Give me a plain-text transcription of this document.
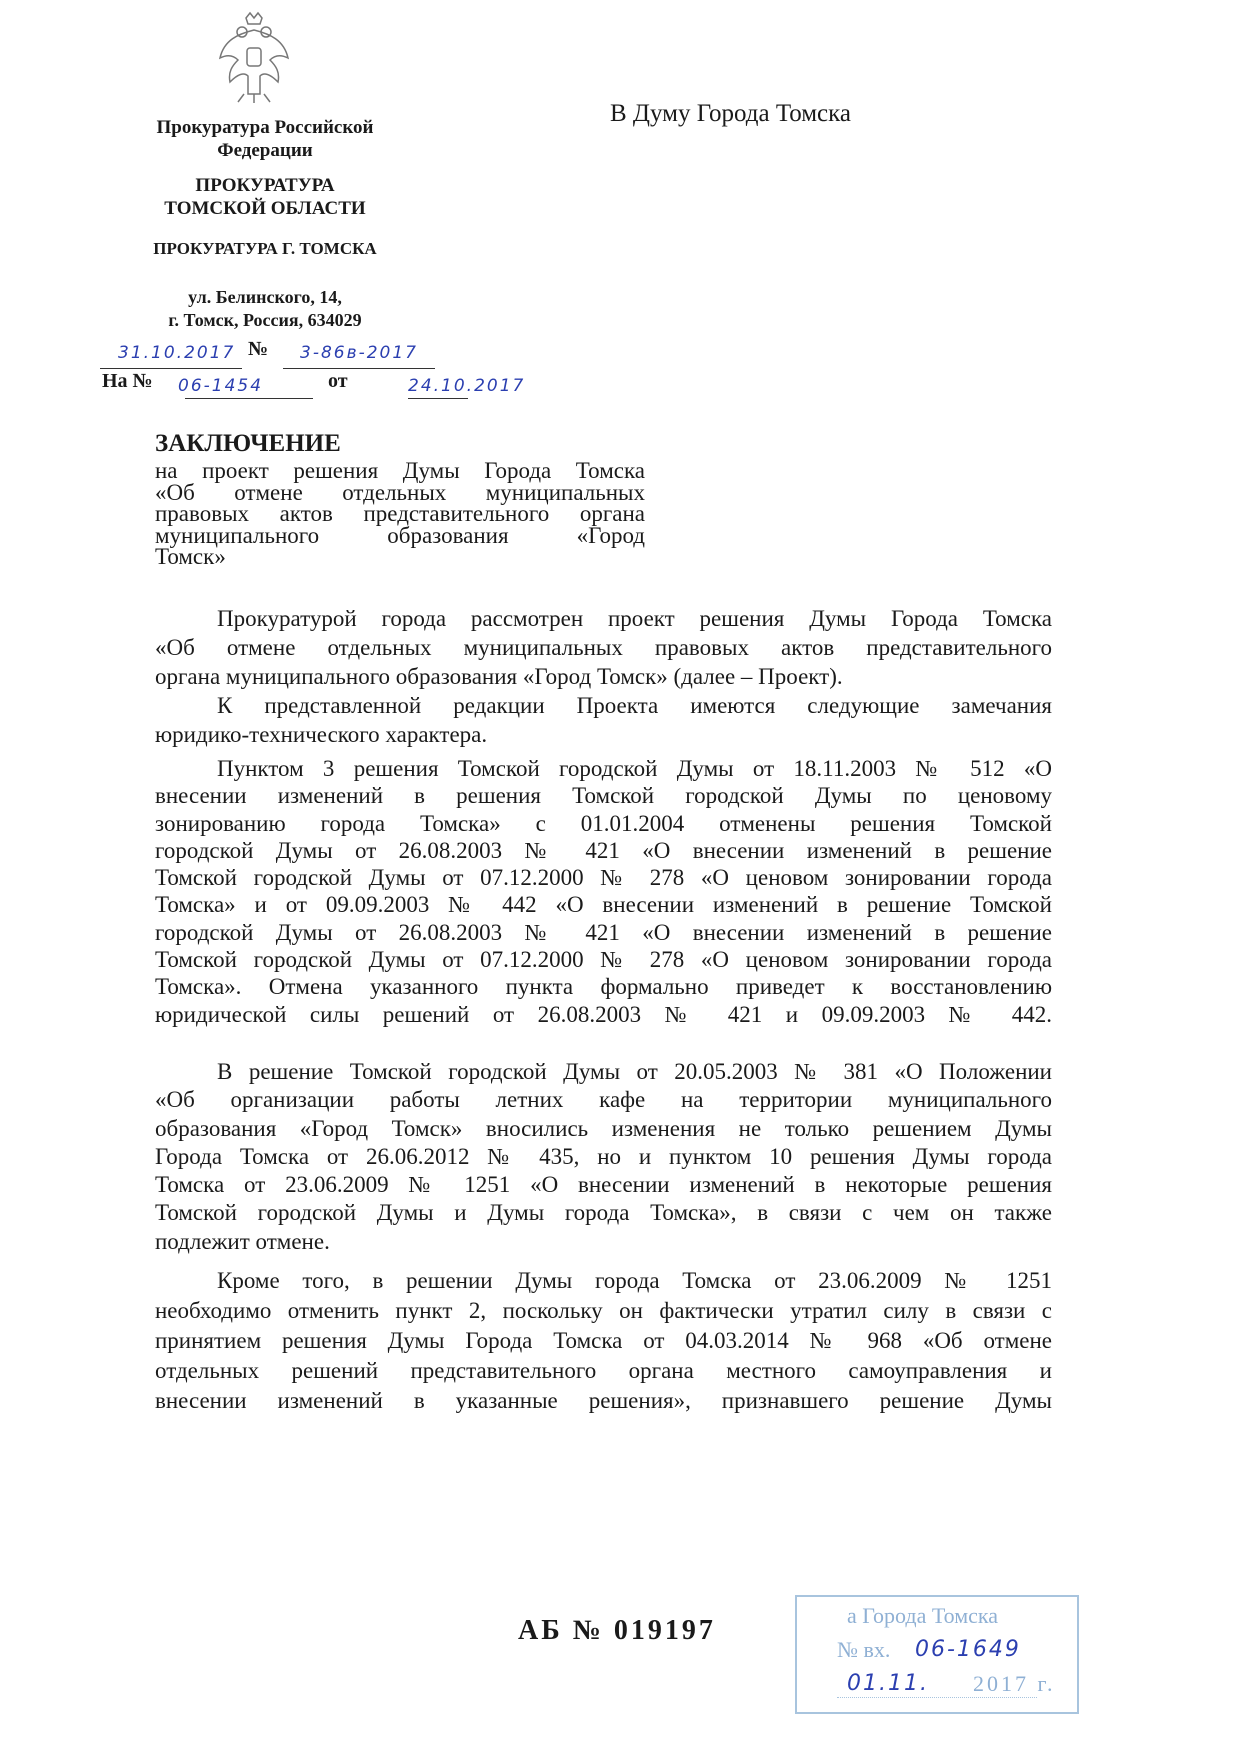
Прокуратура Российской
Федерации
ПРОКУРАТУРА
ТОМСКОЙ ОБЛАСТИ
ПРОКУРАТУРА Г. ТОМСКА
ул. Белинского, 14,
г. Томск, Россия, 634029
В Думу Города Томска
31.10.2017 № 3-86в-2017
На № 06-1454	от	24.10.2017
ЗАКЛЮЧЕНИЕ
на проект решения Думы Города Томска
«Об отмене отдельных муниципальных
правовых актов представительного органа
муниципального образования «Город
Томск»
Прокуратурой города рассмотрен проект решения Думы Города Томска
«Об отмене отдельных муниципальных правовых актов представительного
органа муниципального образования «Город Томск» (далее – Проект).
К представленной редакции Проекта имеются следующие замечания
юридико-технического характера.
Пунктом 3 решения Томской городской Думы от 18.11.2003 № 512 «О
внесении изменений в решения Томской городской Думы по ценовому
зонированию города Томска» с 01.01.2004 отменены решения Томской
городской Думы от 26.08.2003 № 421 «О внесении изменений в решение
Томской городской Думы от 07.12.2000 № 278 «О ценовом зонировании города
Томска» и от 09.09.2003 № 442 «О внесении изменений в решение Томской
городской Думы от 26.08.2003 № 421 «О внесении изменений в решение
Томской городской Думы от 07.12.2000 № 278 «О ценовом зонировании города
Томска». Отмена указанного пункта формально приведет к восстановлению
юридической силы решений от 26.08.2003 № 421 и 09.09.2003 № 442.
В решение Томской городской Думы от 20.05.2003 № 381 «О Положении
«Об организации работы летних кафе на территории муниципального
образования «Город Томск» вносились изменения не только решением Думы
Города Томска от 26.06.2012 № 435, но и пунктом 10 решения Думы города
Томска от 23.06.2009 № 1251 «О внесении изменений в некоторые решения
Томской городской Думы и Думы города Томска», в связи с чем он также
подлежит отмене.
Кроме того, в решении Думы города Томска от 23.06.2009 № 1251
необходимо отменить пункт 2, поскольку он фактически утратил силу в связи с
принятием решения Думы Города Томска от 04.03.2014 № 968 «Об отмене
отдельных решений представительного органа местного самоуправления и
внесении изменений в указанные решения», признавшего решение Думы
АБ № 019197	а Города Томска
№ вх. 06-1649
01.11. 2017 г.
